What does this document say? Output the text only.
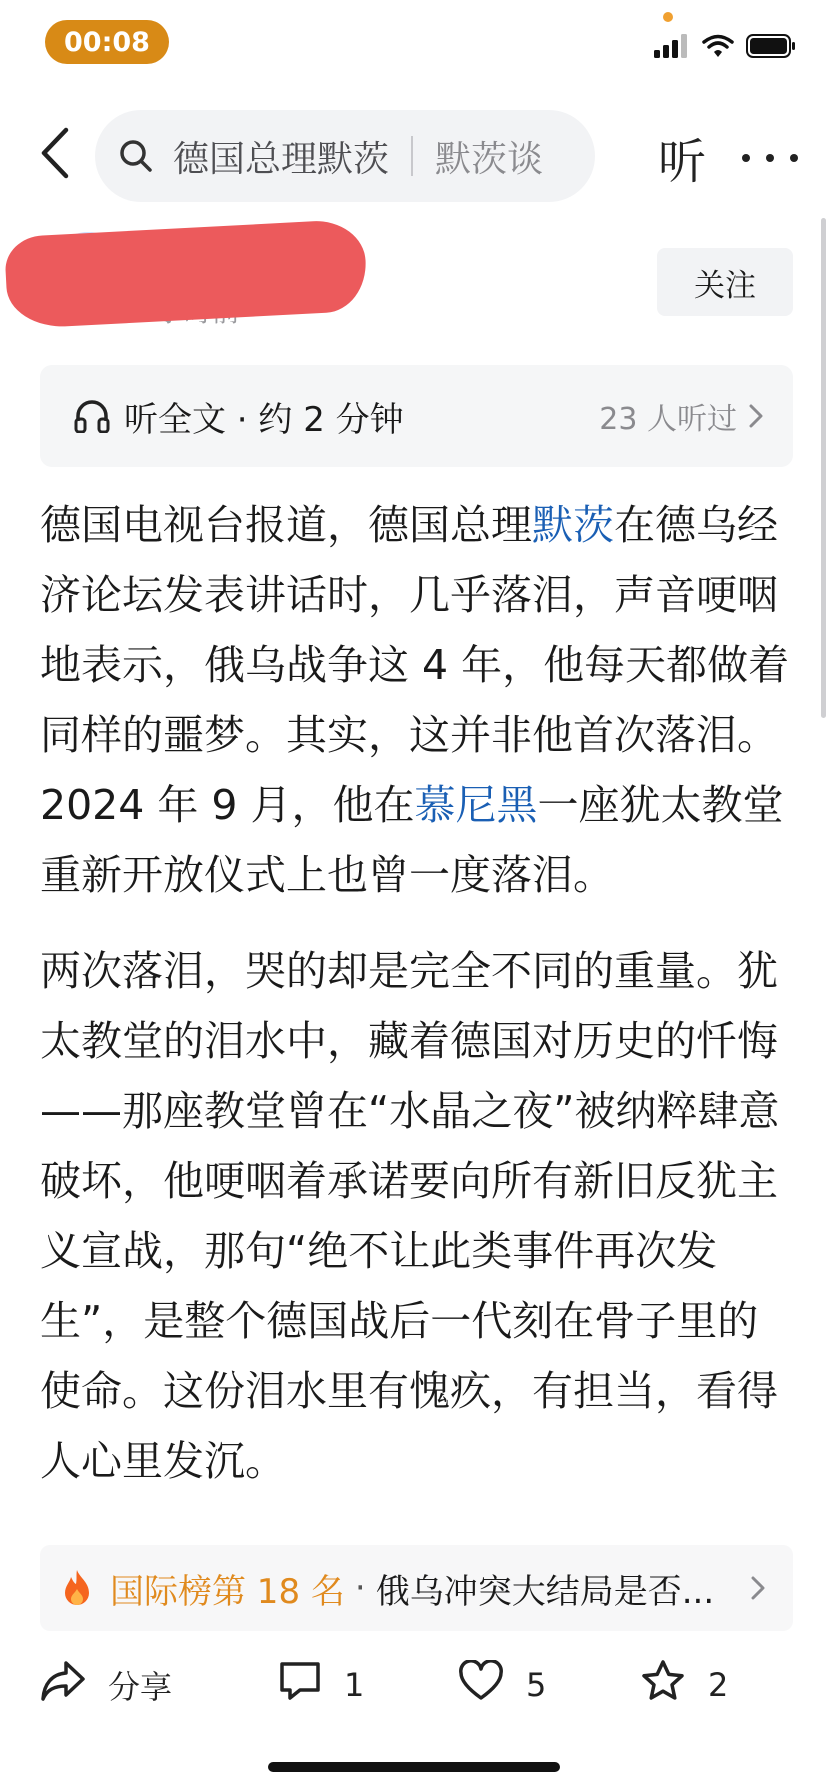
00:08
德国总理默茨 默茨谈 听
关注
听全文 · 约 2 分钟	23 人听过

德国电视台报道，德国总理默茨在德乌经济论坛发表讲话时，几乎落泪，声音哽咽地表示，俄乌战争这 4 年，他每天都做着同样的噩梦。其实，这并非他首次落泪。2024 年 9 月，他在慕尼黑一座犹太教堂重新开放仪式上也曾一度落泪。

两次落泪，哭的却是完全不同的重量。犹太教堂的泪水中，藏着德国对历史的忏悔——那座教堂曾在“水晶之夜”被纳粹肆意破坏，他哽咽着承诺要向所有新旧反犹主义宣战，那句“绝不让此类事件再次发生”，是整个德国战后一代刻在骨子里的使命。这份泪水里有愧疚，有担当，看得人心里发沉。

国际榜第 18 名 · 俄乌冲突大结局是否...
分享	1	5	2
